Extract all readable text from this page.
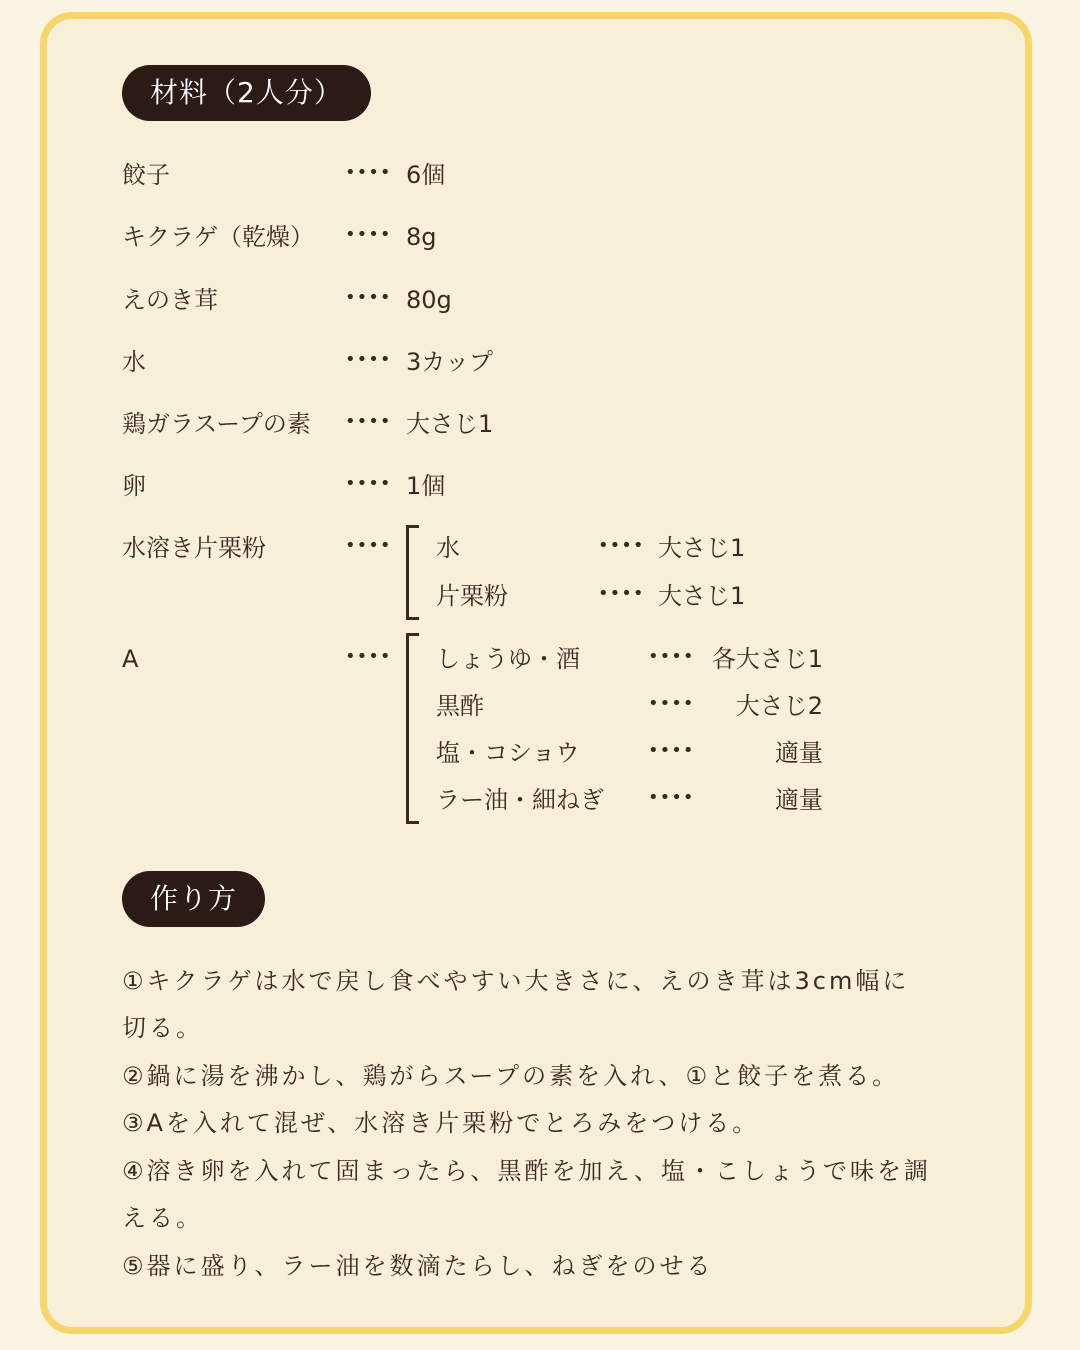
材料（2人分）
餃子	•••• 6個
キクラゲ（乾燥） •••• 8g
えのき茸	•••• 80g
水	•••• 3カップ
鶏ガラスープの素 •••• 大さじ1
卵	•••• 1個
水溶き片栗粉	•••• 水	•••• 大さじ1
片栗粉	•••• 大さじ1
A	•••• しょうゆ・酒	•••• 各大さじ1
黒酢	•••• 大さじ2
塩・コショウ	••••	適量
ラー油・細ねぎ ••••	適量
作り方
①キクラゲは水で戻し食べやすい大きさに、えのき茸は3cm幅に
切る。
②鍋に湯を沸かし、鶏がらスープの素を入れ、①と餃子を煮る。
③Aを入れて混ぜ、水溶き片栗粉でとろみをつける。
④溶き卵を入れて固まったら、黒酢を加え、塩・こしょうで味を調
える。
⑤器に盛り、ラー油を数滴たらし、ねぎをのせる
